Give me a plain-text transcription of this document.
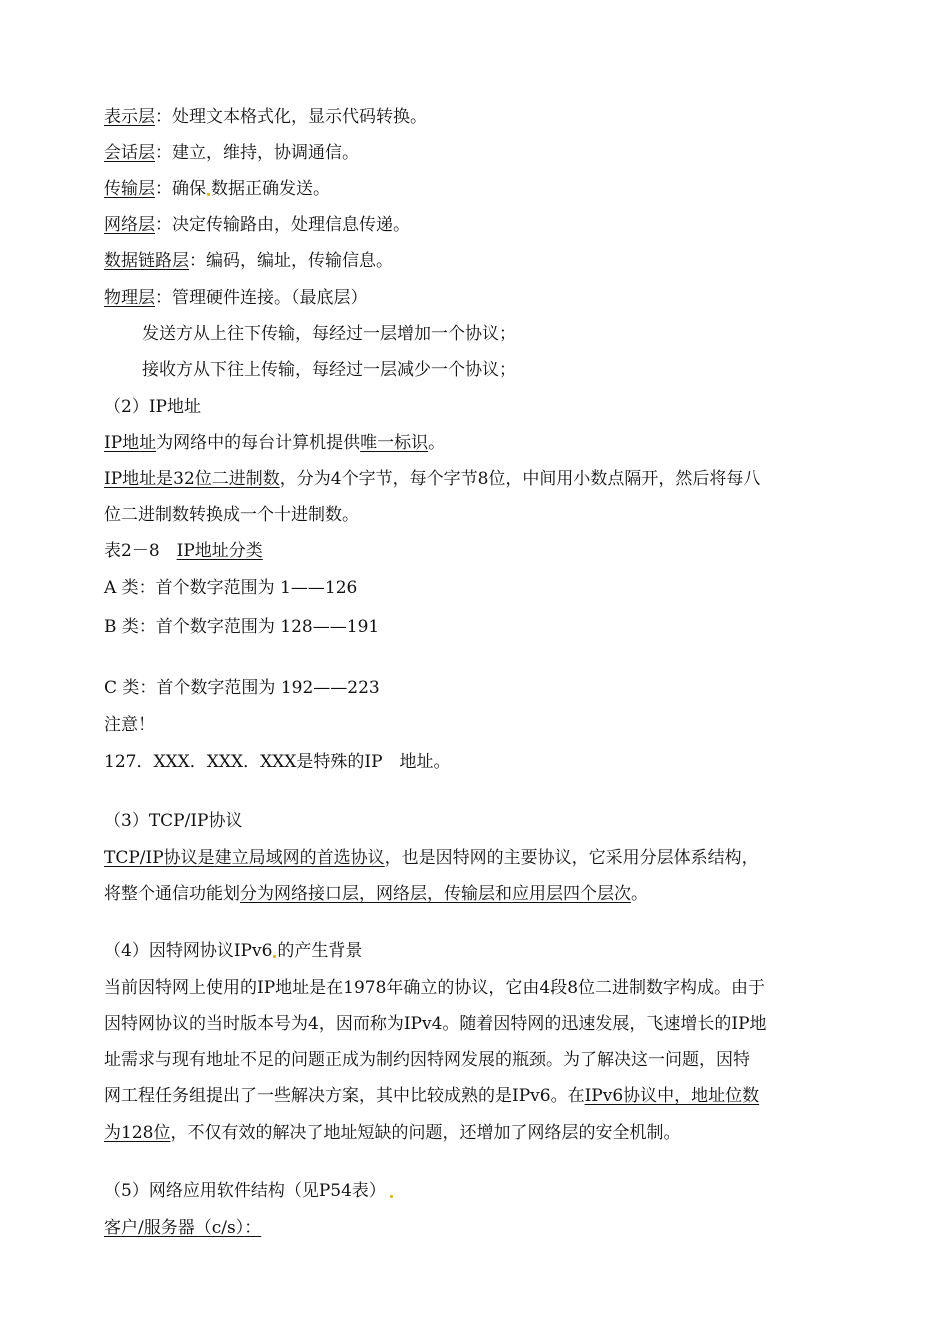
表示层：处理文本格式化，显示代码转换。
会话层：建立，维持，协调通信。
传输层：确保 数据正确发送。
网络层：决定传输路由，处理信息传递。
数据链路层：编码，编址，传输信息。
物理层：管理硬件连接。（最底层）
发送方从上往下传输，每经过一层增加一个协议；
接收方从下往上传输，每经过一层减少一个协议；
（2）IP地址
IP地址为网络中的每台计算机提供唯一标识。
IP地址是32位二进制数，分为4个字节，每个字节8位，中间用小数点隔开，然后将每八
位二进制数转换成一个十进制数。
表2－8　IP地址分类
A 类：首个数字范围为 1——126
B 类：首个数字范围为 128——191
C 类：首个数字范围为 192——223
注意！
127．XXX．XXX．XXX是特殊的IP　地址。
（3）TCP/IP协议
TCP/IP协议是建立局域网的首选协议，也是因特网的主要协议，它采用分层体系结构，
将整个通信功能划分为网络接口层，网络层，传输层和应用层四个层次。
（4）因特网协议IPv6 的产生背景
当前因特网上使用的IP地址是在1978年确立的协议，它由4段8位二进制数字构成。由于
因特网协议的当时版本号为4，因而称为IPv4。随着因特网的迅速发展，飞速增长的IP地
址需求与现有地址不足的问题正成为制约因特网发展的瓶颈。为了解决这一问题，因特
网工程任务组提出了一些解决方案，其中比较成熟的是IPv6。在IPv6协议中，地址位数
为128位，不仅有效的解决了地址短缺的问题，还增加了网络层的安全机制。
（5）网络应用软件结构（见P54表）
客户/服务器（c/s）：
